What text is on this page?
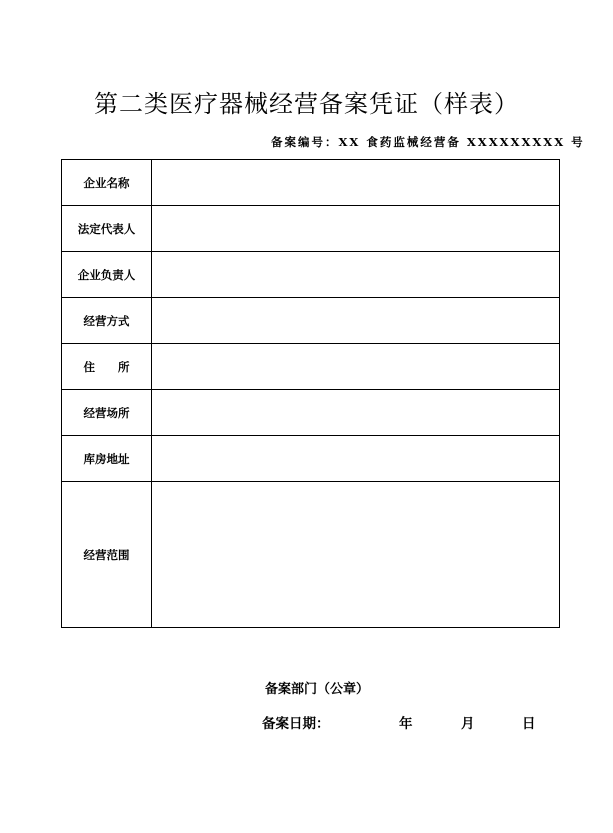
第二类医疗器械经营备案凭证（样表）
备案编号：XX 食药监械经营备 XXXXXXXXX 号
企业名称	
法定代表人	
企业负责人	
经营方式	
住　　所	
经营场所	
库房地址	
经营范围	
备案部门（公章）
备案日期：	年	月	日
